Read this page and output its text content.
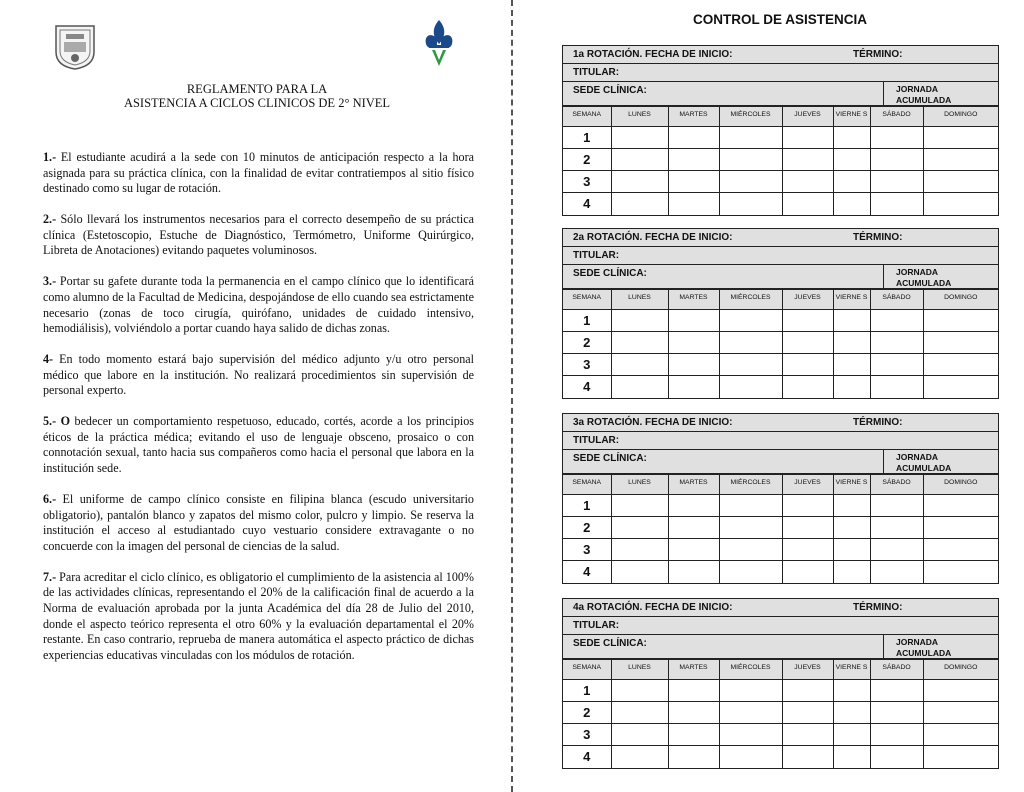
REGLAMENTO PARA LA
ASISTENCIA A CICLOS CLINICOS DE 2° NIVEL

1.- El estudiante acudirá a la sede con 10 minutos de anticipación respecto a la hora asignada para su práctica clínica, con la finalidad de evitar contratiempos al sitio físico destinado como su lugar de rotación.

2.- Sólo llevará los instrumentos necesarios para el correcto desempeño de su práctica clínica (Estetoscopio, Estuche de Diagnóstico, Termómetro, Uniforme Quirúrgico, Libreta de Anotaciones) evitando paquetes voluminosos.

3.- Portar su gafete durante toda la permanencia en el campo clínico que lo identificará como alumno de la Facultad de Medicina, despojándose de ello cuando sea estrictamente necesario (zonas de toco cirugía, quirófano, unidades de cuidado intensivo, hemodiálisis), volviéndolo a portar cuando haya salido de dichas zonas.

4- En todo momento estará bajo supervisión del médico adjunto y/u otro personal médico que labore en la institución. No realizará procedimientos sin supervisión de personal experto.

5.- O bedecer un comportamiento respetuoso, educado, cortés, acorde a los principios éticos de la práctica médica; evitando el uso de lenguaje obsceno, prosaico o con connotación sexual, tanto hacia sus compañeros como hacia el personal que labora en la institución sede.

6.- El uniforme de campo clínico consiste en filipina blanca (escudo universitario obligatorio), pantalón blanco y zapatos del mismo color, pulcro y limpio. Se reserva la institución el acceso al estudiantado cuyo vestuario considere extravagante o no concuerde con la imagen del personal de ciencias de la salud.

7.- Para acreditar el ciclo clínico, es obligatorio el cumplimiento de la asistencia al 100% de las actividades clínicas, representando el 20% de la calificación final de acuerdo a la Norma de evaluación aprobada por la junta Académica del día 28 de Julio del 2010, donde el aspecto teórico representa el otro 60% y la evaluación departamental el 20% restante. En caso contrario, reprueba de manera automática el aspecto práctico de dichas experiencias educativas vinculadas con los módulos de rotación.

CONTROL DE ASISTENCIA
1a ROTACIÓN. FECHA DE INICIO:	TÉRMINO:
TITULAR:
SEDE CLÍNICA:	JORNADA
ACUMULADA
SEMANA	LUNES	MARTES	MIÉRCOLES	JUEVES	VIERNE S	SÁBADO	DOMINGO
1							
2							
3							
4							
2a ROTACIÓN. FECHA DE INICIO:	TÉRMINO:
TITULAR:
SEDE CLÍNICA:	JORNADA
ACUMULADA
SEMANA	LUNES	MARTES	MIÉRCOLES	JUEVES	VIERNE S	SÁBADO	DOMINGO
1							
2							
3							
4							
3a ROTACIÓN. FECHA DE INICIO:	TÉRMINO:
TITULAR:
SEDE CLÍNICA:	JORNADA
ACUMULADA
SEMANA	LUNES	MARTES	MIÉRCOLES	JUEVES	VIERNE S	SÁBADO	DOMINGO
1							
2							
3							
4							
4a ROTACIÓN. FECHA DE INICIO:	TÉRMINO:
TITULAR:
SEDE CLÍNICA:	JORNADA
ACUMULADA
SEMANA	LUNES	MARTES	MIÉRCOLES	JUEVES	VIERNE S	SÁBADO	DOMINGO
1							
2							
3							
4							
